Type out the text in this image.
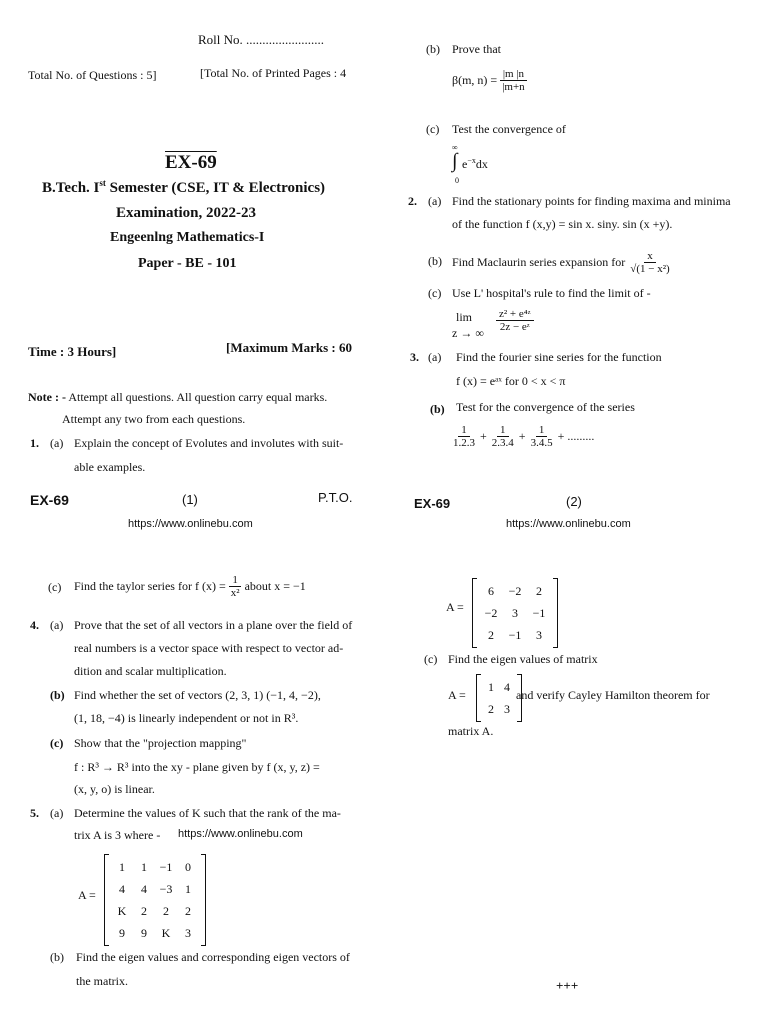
Roll No. ........................
Total No. of Questions : 5]	[Total No. of Printed Pages : 4
EX-69
B.Tech. Ist Semester (CSE, IT & Electronics)
Examination, 2022-23
Engeenlng Mathematics-I
Paper - BE - 101
Time : 3 Hours]	[Maximum Marks : 60
Note : - Attempt all questions. All question carry equal marks.
Attempt any two from each questions.
1. (a) Explain the concept of Evolutes and involutes with suit-
able examples.
EX-69	(1)	P.T.O.
https://www.onlinebu.com
(b) Prove that
β(m, $n) = \frac{|m |n}{|m+n}$
(c) Test the convergence of
∞
∫ $e^{-x}dx$
0
2. (a) Find the stationary points for finding maxima and minima
of the function f (x,y) = sin x. siny. sin (x +y).
(b) Find Maclaurin series expansion for $\frac{x}{\text{√(1 − x²)}}$
(c) Use L' hospital's rule to find the limit of -
lim
z → ∞ $\frac{\text{z² + e⁴ᶻ}}{\text{2z − eᶻ}}$
3. (a) Find the fourier sine series for the function
f (x) = eᵃˣ for 0 < x < π
(b) Test for the convergence of the series
$\frac{1}{1.2.3} + \frac{1}{2.3.4} + \frac{1}{3.4.5}$ + .........
EX-69	(2)
https://www.onlinebu.com
(c) Find the taylor series for
f $(x) = \frac{1}{\text{x²}}$ about x = −1
4. (a) Prove that the set of all vectors in a plane over the field of
real numbers is a vector space with respect to vector ad-
dition and scalar multiplication.
(b) Find whether the set of vectors (2, 3, 1) (−1, 4, −2),
(1, 18, −4) is linearly independent or not in R³.
(c) Show that the "projection mapping"
f : R³ → R³ into the xy - plane given by f (x, y, z) =
(x, y, o) is linear.
5. (a) Determine the values of K such that the rank of the ma-
trix A is 3 where - https://www.onlinebu.com
A =
1	1	−1	0
4	4	−3	1
K	2	2	2
9	9	K	3
(b) Find the eigen values and corresponding eigen vectors of
the matrix.
A =
6	−2	2
−2	3	−1
2	−1	3
(c) Find the eigen values of matrix
A =
1 4
2 3
and verify Cayley Hamilton theorem for
matrix A.
+++
